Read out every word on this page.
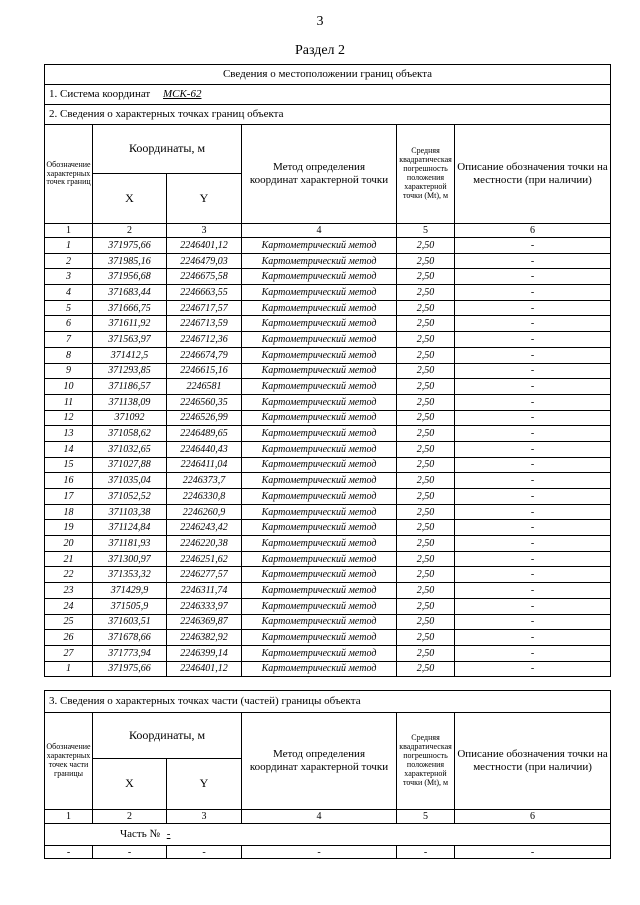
3
Раздел 2
Сведения о местоположении границ объекта					
1. Система координат МСК-62					
2. Сведения о характерных точках границ объекта					
Обозначение характерных точек границ	Координаты, м		Метод определения координат характерной точки	Средняя квадратическая погрешность положения характерной точки (Mt), м	Описание обозначения точки на местности (при наличии)
	X	Y			
1	2	3	4	5	6
1	371975,66	2246401,12	Картометрический метод	2,50	-
2	371985,16	2246479,03	Картометрический метод	2,50	-
3	371956,68	2246675,58	Картометрический метод	2,50	-
4	371683,44	2246663,55	Картометрический метод	2,50	-
5	371666,75	2246717,57	Картометрический метод	2,50	-
6	371611,92	2246713,59	Картометрический метод	2,50	-
7	371563,97	2246712,36	Картометрический метод	2,50	-
8	371412,5	2246674,79	Картометрический метод	2,50	-
9	371293,85	2246615,16	Картометрический метод	2,50	-
10	371186,57	2246581	Картометрический метод	2,50	-
11	371138,09	2246560,35	Картометрический метод	2,50	-
12	371092	2246526,99	Картометрический метод	2,50	-
13	371058,62	2246489,65	Картометрический метод	2,50	-
14	371032,65	2246440,43	Картометрический метод	2,50	-
15	371027,88	2246411,04	Картометрический метод	2,50	-
16	371035,04	2246373,7	Картометрический метод	2,50	-
17	371052,52	2246330,8	Картометрический метод	2,50	-
18	371103,38	2246260,9	Картометрический метод	2,50	-
19	371124,84	2246243,42	Картометрический метод	2,50	-
20	371181,93	2246220,38	Картометрический метод	2,50	-
21	371300,97	2246251,62	Картометрический метод	2,50	-
22	371353,32	2246277,57	Картометрический метод	2,50	-
23	371429,9	2246311,74	Картометрический метод	2,50	-
24	371505,9	2246333,97	Картометрический метод	2,50	-
25	371603,51	2246369,87	Картометрический метод	2,50	-
26	371678,66	2246382,92	Картометрический метод	2,50	-
27	371773,94	2246399,14	Картометрический метод	2,50	-
1	371975,66	2246401,12	Картометрический метод	2,50	-
3. Сведения о характерных точках части (частей) границы объекта					
Обозначение характерных точек части границы	Координаты, м		Метод определения координат характерной точки	Средняя квадратическая погрешность положения характерной точки (Mt), м	Описание обозначения точки на местности (при наличии)
	X	Y			
1	2	3	4	5	6
Часть № -					
-	-	-	-	-	-
